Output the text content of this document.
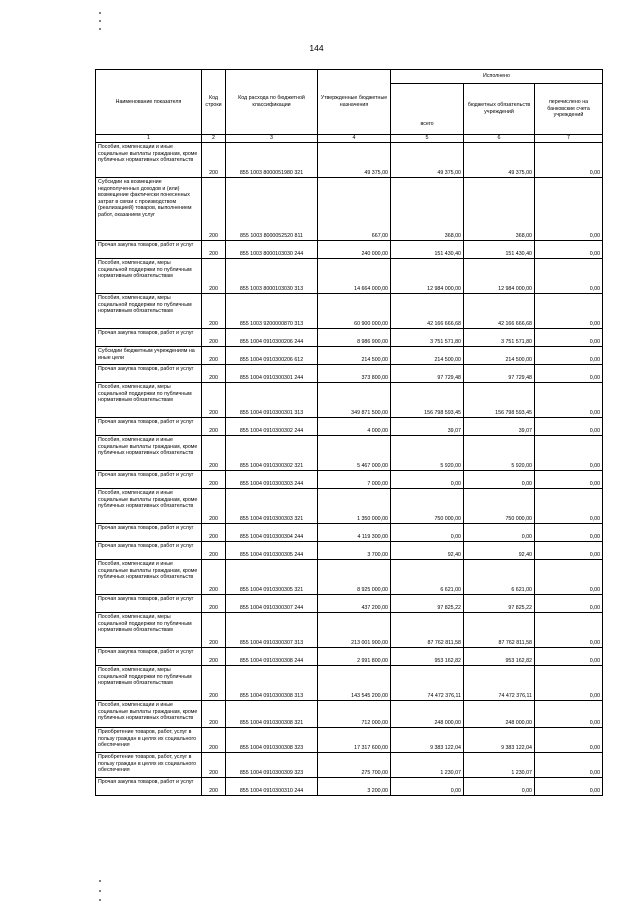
144
Наименование показателя	Код строки	Код расхода по бюджетной классификации	Утвержденные бюджетные назначения	Исполнено		
				всего	бюджетных обязательств учреждений	перечислено на банковские счета учреждений
1	2	3	4	5	6	7

Пособия, компенсации и иные социальные выплаты гражданам, кроме публичных нормативных обязательств	200	855 1003 8000051980 321	49 375,00	49 375,00	49 375,00	0,00

Субсидии на возмещение недополученных доходов и (или) возмещение фактически понесенных затрат в связи с производством (реализацией) товаров, выполнением работ, оказанием услуг	200	855 1003 8000052520 811	667,00	368,00	368,00	0,00

Прочая закупка товаров, работ и услуг	200	855 1003 8000103030 244	240 000,00	151 430,40	151 430,40	0,00

Пособия, компенсации, меры социальной поддержки по публичным нормативным обязательствам	200	855 1003 8000103030 313	14 664 000,00	12 984 000,00	12 984 000,00	0,00

Пособия, компенсации, меры социальной поддержки по публичным нормативным обязательствам	200	855 1003 9200000870 313	60 900 000,00	42 166 666,68	42 166 666,68	0,00

Прочая закупка товаров, работ и услуг	200	855 1004 0910300206 244	8 986 900,00	3 751 571,80	3 751 571,80	0,00

Субсидии бюджетным учреждениям на иные цели	200	855 1004 0910300206 612	214 500,00	214 500,00	214 500,00	0,00

Прочая закупка товаров, работ и услуг	200	855 1004 0910300301 244	373 800,00	97 729,48	97 729,48	0,00

Пособия, компенсации, меры социальной поддержки по публичным нормативным обязательствам	200	855 1004 0910300301 313	349 871 500,00	156 798 593,45	156 798 593,45	0,00

Прочая закупка товаров, работ и услуг	200	855 1004 0910300302 244	4 000,00	39,07	39,07	0,00

Пособия, компенсации и иные социальные выплаты гражданам, кроме публичных нормативных обязательств	200	855 1004 0910300302 321	5 467 000,00	5 920,00	5 920,00	0,00

Прочая закупка товаров, работ и услуг	200	855 1004 0910300303 244	7 000,00	0,00	0,00	0,00

Пособия, компенсации и иные социальные выплаты гражданам, кроме публичных нормативных обязательств	200	855 1004 0910300303 321	1 350 000,00	750 000,00	750 000,00	0,00

Прочая закупка товаров, работ и услуг	200	855 1004 0910300304 244	4 119 300,00	0,00	0,00	0,00

Прочая закупка товаров, работ и услуг	200	855 1004 0910300305 244	3 700,00	92,40	92,40	0,00

Пособия, компенсации и иные социальные выплаты гражданам, кроме публичных нормативных обязательств	200	855 1004 0910300305 321	8 925 000,00	6 621,00	6 621,00	0,00

Прочая закупка товаров, работ и услуг	200	855 1004 0910300307 244	437 200,00	97 825,22	97 825,22	0,00

Пособия, компенсации, меры социальной поддержки по публичным нормативным обязательствам	200	855 1004 0910300307 313	213 001 900,00	87 762 811,58	87 762 811,58	0,00

Прочая закупка товаров, работ и услуг	200	855 1004 0910300308 244	2 991 800,00	953 162,82	953 162,82	0,00

Пособия, компенсации, меры социальной поддержки по публичным нормативным обязательствам	200	855 1004 0910300308 313	143 545 200,00	74 472 376,11	74 472 376,11	0,00

Пособия, компенсации и иные социальные выплаты гражданам, кроме публичных нормативных обязательств	200	855 1004 0910300308 321	712 000,00	248 000,00	248 000,00	0,00

Приобретение товаров, работ, услуг в пользу граждан в целях их социального обеспечения	200	855 1004 0910300308 323	17 317 600,00	9 383 122,04	9 383 122,04	0,00

Приобретение товаров, работ, услуг в пользу граждан в целях их социального обеспечения	200	855 1004 0910300309 323	275 700,00	1 230,07	1 230,07	0,00

Прочая закупка товаров, работ и услуг	200	855 1004 0910300310 244	3 200,00	0,00	0,00	0,00
